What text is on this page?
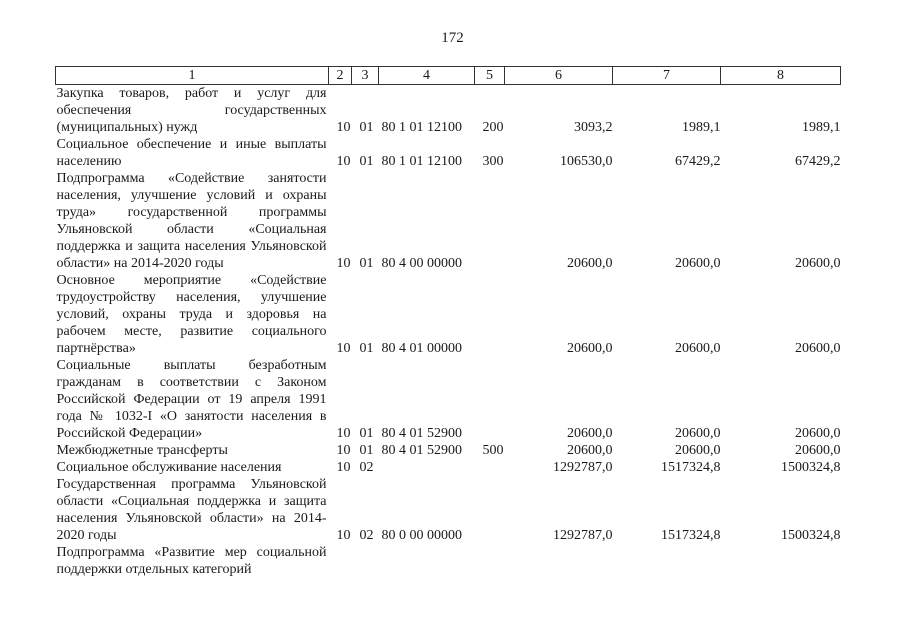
172
1	2	3	4	5	6	7	8
Закупка товаров, работ и услуг для обеспечения государственных (муниципальных) нужд	10	01	80 1 01 12100	200	3093,2	1989,1	1989,1
Социальное обеспечение и иные выплаты населению	10	01	80 1 01 12100	300	106530,0	67429,2	67429,2
Подпрограмма «Содействие занятости населения, улучшение условий и охраны труда» государственной программы Ульяновской области «Социальная поддержка и защита населения Ульяновской области» на 2014-2020 годы	10	01	80 4 00 00000		20600,0	20600,0	20600,0
Основное мероприятие «Содействие трудоустройству населения, улучшение условий, охраны труда и здоровья на рабочем месте, развитие социального партнёрства»	10	01	80 4 01 00000		20600,0	20600,0	20600,0
Социальные выплаты безработным гражданам в соответствии с Законом Российской Федерации от 19 апреля 1991 года № 1032-I «О занятости населения в Российской Федерации»	10	01	80 4 01 52900		20600,0	20600,0	20600,0
Межбюджетные трансферты	10	01	80 4 01 52900	500	20600,0	20600,0	20600,0
Социальное обслуживание населения	10	02			1292787,0	1517324,8	1500324,8
Государственная программа Ульяновской области «Социальная поддержка и защита населения Ульяновской области» на 2014-2020 годы	10	02	80 0 00 00000		1292787,0	1517324,8	1500324,8
Подпрограмма «Развитие мер социальной поддержки отдельных категорий							
